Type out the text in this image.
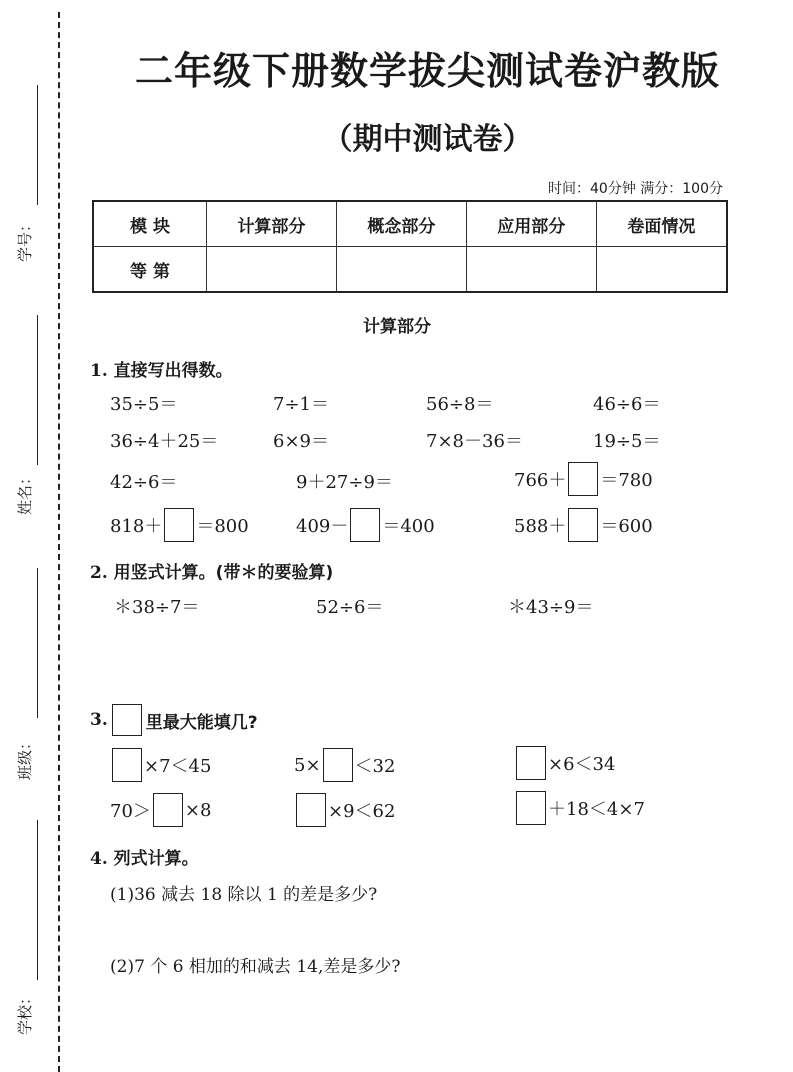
学号：
姓名：
班级：
学校：
二年级下册数学拔尖测试卷沪教版
（期中测试卷）
时间：40分钟 满分：100分
模 块	计算部分	概念部分	应用部分	卷面情况
等 第				
计算部分
1. 直接写出得数。
35÷5＝	7÷1＝	56÷8＝	46÷6＝
36÷4＋25＝	6×9＝	7×8－36＝	19÷5＝
42÷6＝	9＋27÷9＝	766＋ ＝780
818＋ ＝800	409－ ＝400	588＋ ＝600
2. 用竖式计算。(带＊的要验算)
＊38÷7＝	52÷6＝	＊43÷9＝
3. 里最大能填几?
×7＜45	5× ＜32	×6＜34
70＞ ×8	×9＜62	＋18＜4×7
4. 列式计算。
(1)36 减去 18 除以 1 的差是多少?
(2)7 个 6 相加的和减去 14,差是多少?
